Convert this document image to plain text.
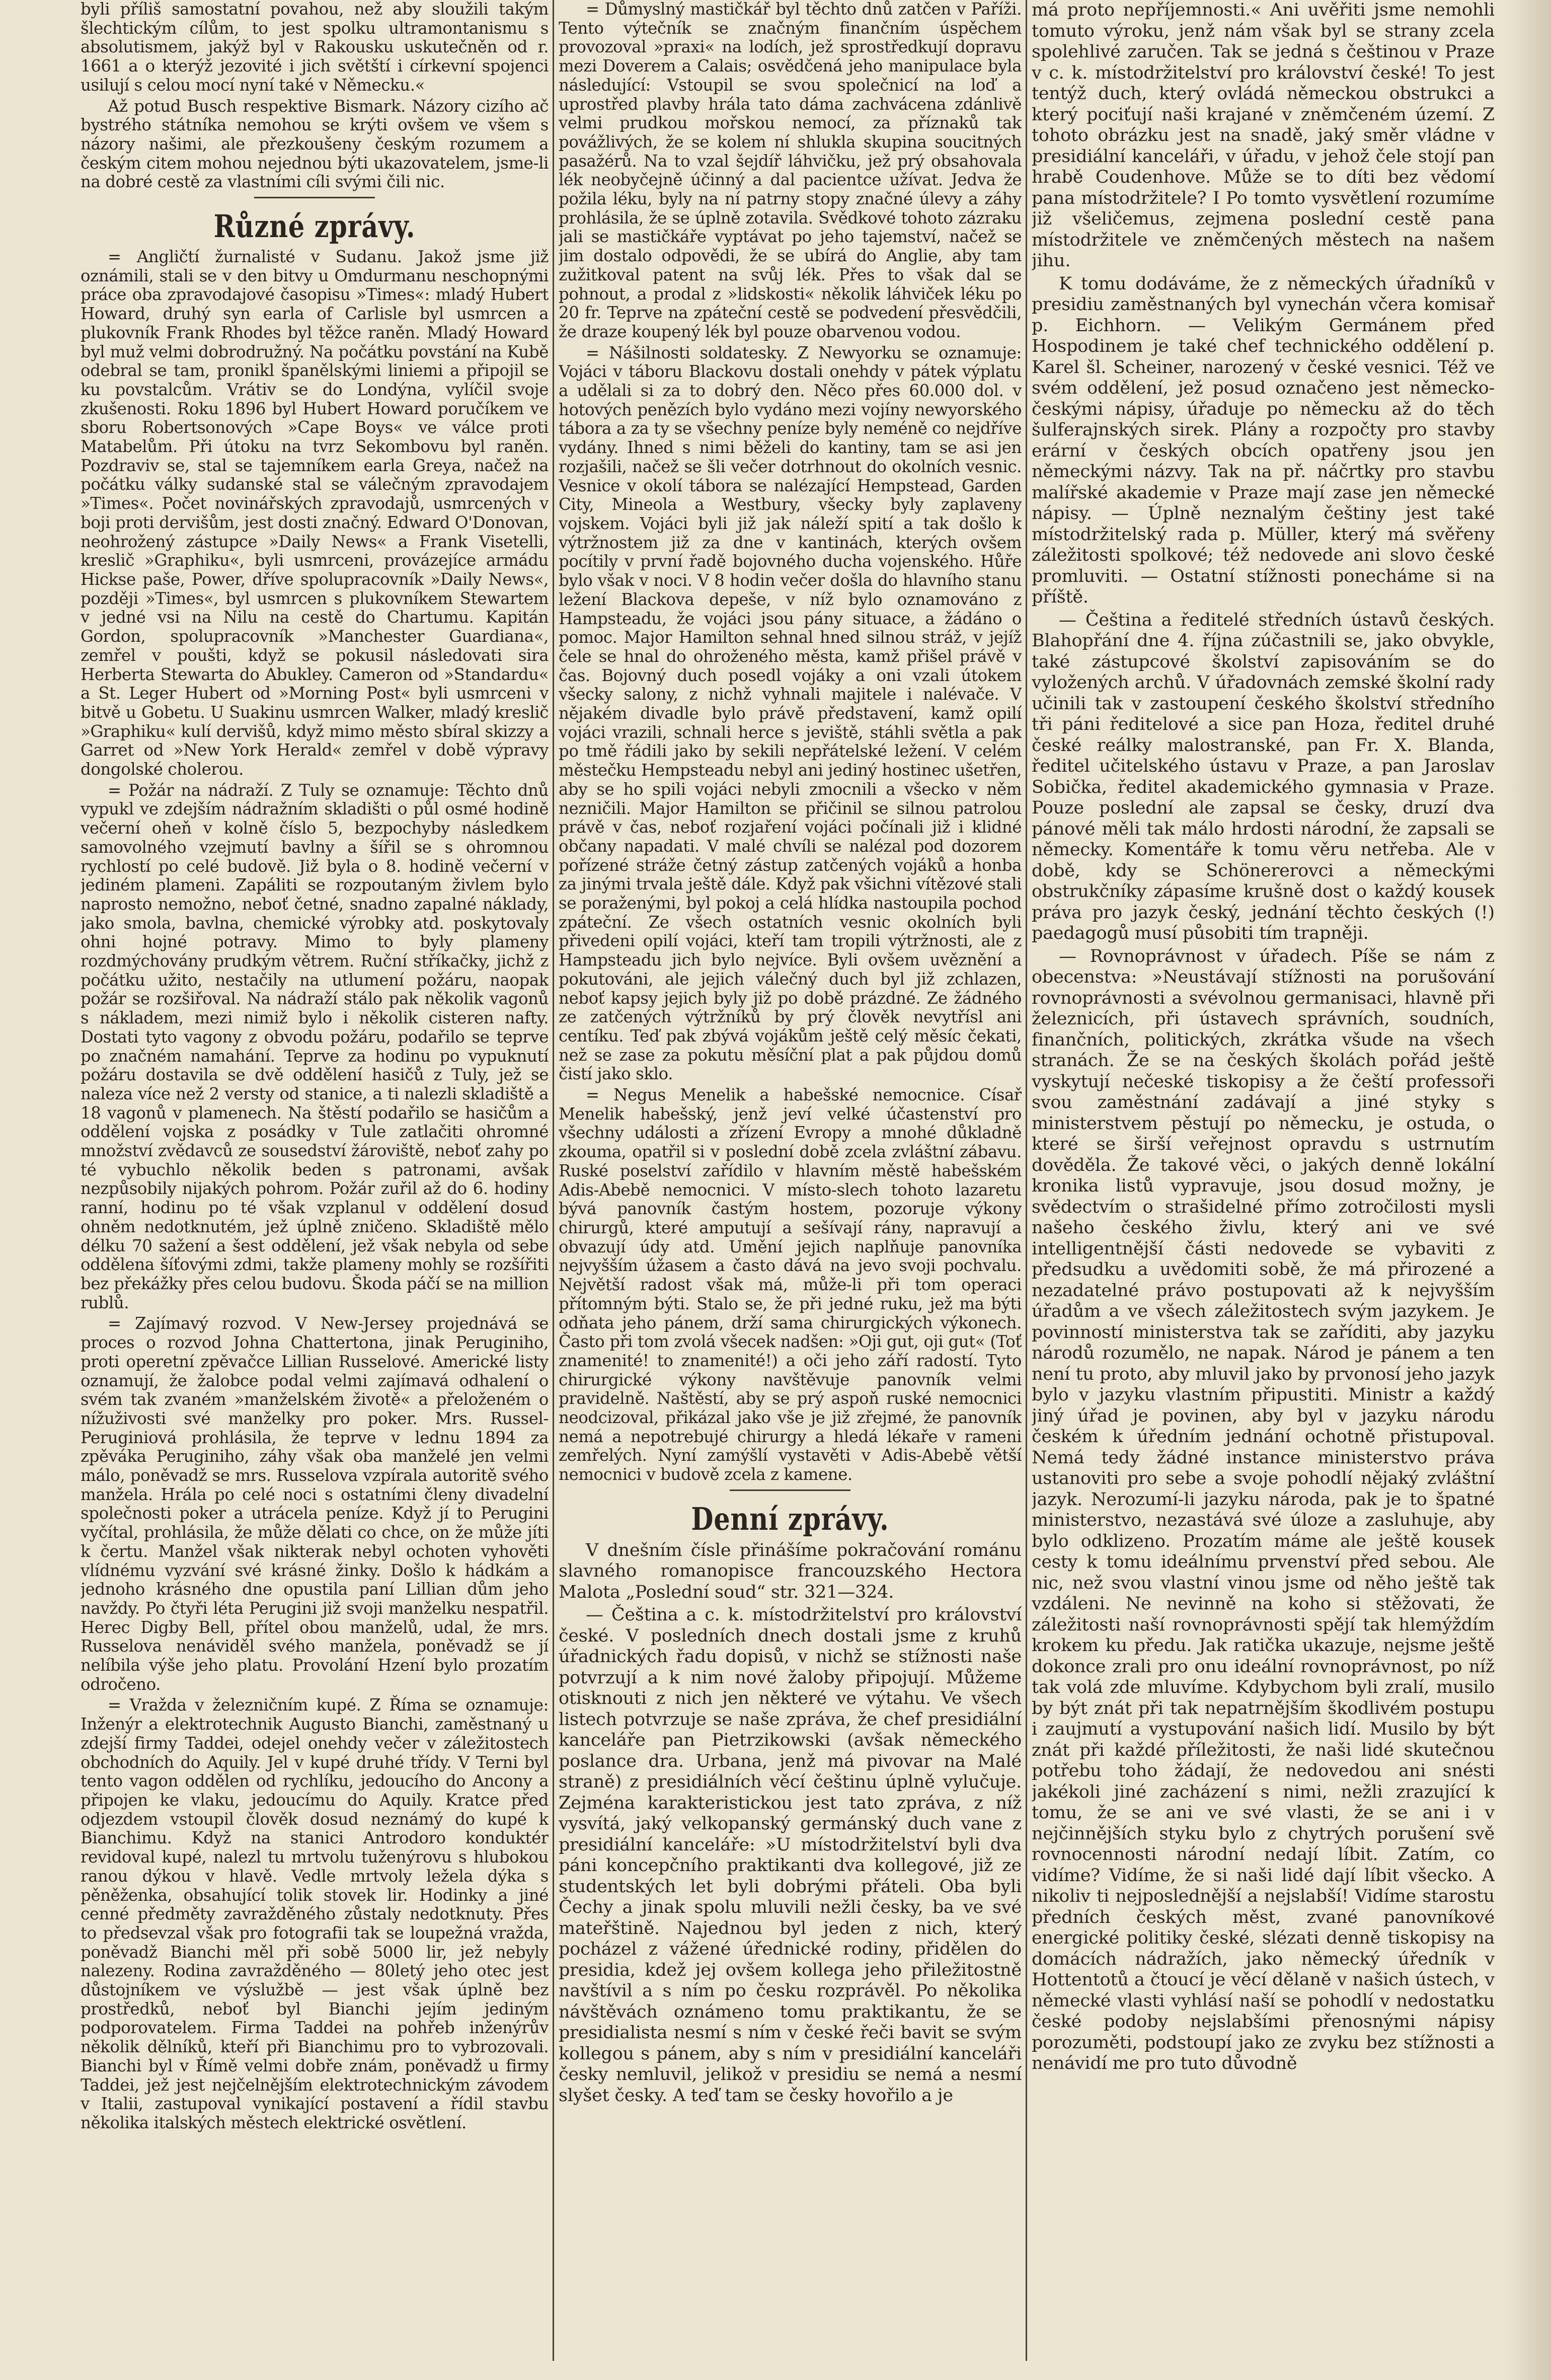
byli příliš samostatní povahou, než aby sloužili takým šlechtickým cílům, to jest spolku ultramontanismu s absolutismem, jakýž byl v Rakousku uskutečněn od r. 1661 a o kterýž jezovité i jich světští i církevní spojenci usilují s celou mocí nyní také v Německu.«

Až potud Busch respektive Bismark. Názory cizího ač bystrého státníka nemohou se krýti ovšem ve všem s názory našimi, ale přezkoušeny českým rozumem a českým citem mohou nejednou býti ukazovatelem, jsme-li na dobré cestě za vlastními cíli svými čili nic.

Různé zprávy.

= Angličtí žurnalisté v Sudanu. Jakož jsme již oznámili, stali se v den bitvy u Omdurmanu neschopnými práce oba zpravodajové časopisu »Times«: mladý Hubert Howard, druhý syn earla of Carlisle byl usmrcen a plukovník Frank Rhodes byl těžce raněn. Mladý Howard byl muž velmi dobrodružný. Na počátku povstání na Kubě odebral se tam, pronikl španělskými liniemi a připojil se ku povstalcům. Vrátiv se do Londýna, vylíčil svoje zkušenosti. Roku 1896 byl Hubert Howard poručíkem ve sboru Robertsonových »Cape Boys« ve válce proti Matabelům. Při útoku na tvrz Sekombovu byl raněn. Pozdraviv se, stal se tajemníkem earla Greya, načež na počátku války sudanské stal se válečným zpravodajem »Times«. Počet novinářských zpravodajů, usmrcených v boji proti dervišům, jest dosti značný. Edward O'Donovan, neohrožený zástupce »Daily News« a Frank Visetelli, kreslič »Graphiku«, byli usmrceni, provázejíce armádu Hickse paše, Power, dříve spolupracovník »Daily News«, později »Times«, byl usmrcen s plukovníkem Stewartem v jedné vsi na Nilu na cestě do Chartumu. Kapitán Gordon, spolupracovník »Manchester Guardiana«, zemřel v poušti, když se pokusil následovati sira Herberta Stewarta do Abukley. Cameron od »Standardu« a St. Leger Hubert od »Morning Post« byli usmrceni v bitvě u Gobetu. U Suakinu usmrcen Walker, mladý kreslič »Graphiku« kulí dervišů, když mimo město sbíral skizzy a Garret od »New York Herald« zemřel v době výpravy dongolské cholerou.

= Požár na nádraží. Z Tuly se oznamuje: Těchto dnů vypukl ve zdejším nádražním skladišti o půl osmé hodině večerní oheň v kolně číslo 5, bezpochyby následkem samovolného vzejmutí bavlny a šířil se s ohromnou rychlostí po celé budově. Již byla o 8. hodině večerní v jediném plameni. Zapáliti se rozpoutaným živlem bylo naprosto nemožno, neboť četné, snadno zapalné náklady, jako smola, bavlna, chemické výrobky atd. poskytovaly ohni hojné potravy. Mimo to byly plameny rozdmýchovány prudkým větrem. Ruční stříkačky, jichž z počátku užito, nestačily na utlumení požáru, naopak požár se rozšiřoval. Na nádraží stálo pak několik vagonů s nákladem, mezi nimiž bylo i několik cisteren nafty. Dostati tyto vagony z obvodu požáru, podařilo se teprve po značném namahání. Teprve za hodinu po vypuknutí požáru dostavila se dvě oddělení hasičů z Tuly, jež se naleza více než 2 versty od stanice, a ti nalezli skladiště a 18 vagonů v plamenech. Na štěstí podařilo se hasičům a oddělení vojska z posádky v Tule zatlačiti ohromné množství zvědavců ze sousedství žároviště, neboť zahy po té vybuchlo několik beden s patronami, avšak nezpůsobily nijakých pohrom. Požár zuřil až do 6. hodiny ranní, hodinu po té však vzplanul v oddělení dosud ohněm nedotknutém, jež úplně zničeno. Skladiště mělo délku 70 sažení a šest oddělení, jež však nebyla od sebe oddělena šíťovými zdmi, takže plameny mohly se rozšířiti bez překážky přes celou budovu. Škoda páčí se na million rublů.

= Zajímavý rozvod. V New-Jersey projednává se proces o rozvod Johna Chattertona, jinak Peruginiho, proti operetní zpěvačce Lillian Russelové. Americké listy oznamují, že žalobce podal velmi zajímavá odhalení o svém tak zvaném »manželském životě« a přeloženém o nížuživosti své manželky pro poker. Mrs. Russel-Peruginiová prohlásila, že teprve v lednu 1894 za zpěváka Peruginiho, záhy však oba manželé jen velmi málo, poněvadž se mrs. Russelova vzpírala autoritě svého manžela. Hrála po celé noci s ostatními členy divadelní společnosti poker a utrácela peníze. Když jí to Perugini vyčítal, prohlásila, že může dělati co chce, on že může jíti k čertu. Manžel však nikterak nebyl ochoten vyhověti vlídnému vyzvání své krásné žinky. Došlo k hádkám a jednoho krásného dne opustila paní Lillian dům jeho navždy. Po čtyři léta Perugini již svoji manželku nespatřil. Herec Digby Bell, přítel obou manželů, udal, že mrs. Russelova nenáviděl svého manžela, poněvadž se jí nelíbila výše jeho platu. Provolání Hzení bylo prozatím odročeno.

= Vražda v železničním kupé. Z Říma se oznamuje: Inženýr a elektrotechnik Augusto Bianchi, zaměstnaný u zdejší firmy Taddei, odejel onehdy večer v záležitostech obchodních do Aquily. Jel v kupé druhé třídy. V Terni byl tento vagon oddělen od rychlíku, jedoucího do Ancony a připojen ke vlaku, jedoucímu do Aquily. Kratce před odjezdem vstoupil člověk dosud neznámý do kupé k Bianchimu. Když na stanici Antrodoro konduktér revidoval kupé, nalezl tu mrtvolu tuženýrovu s hlubokou ranou dýkou v hlavě. Vedle mrtvoly ležela dýka s pěněženka, obsahující tolik stovek lir. Hodinky a jiné cenné předměty zavražděného zůstaly nedotknuty. Přes to předsevzal však pro fotografii tak se loupežná vražda, poněvadž Bianchi měl při sobě 5000 lir, jež nebyly nalezeny. Rodina zavražděného — 80letý jeho otec jest důstojníkem ve výslužbě — jest však úplně bez prostředků, neboť byl Bianchi jejím jediným podporovatelem. Firma Taddei na pohřeb inženýrův několik dělníků, kteří při Bianchimu pro to vybrozovali. Bianchi byl v Římě velmi dobře znám, poněvadž u firmy Taddei, jež jest nejčelnějším elektrotechnickým závodem v Italii, zastupoval vynikající postavení a řídil stavbu několika italských městech elektrické osvětlení.

= Důmyslný mastičkář byl těchto dnů zatčen v Paříži. Tento výtečník se značným finančním úspěchem provozoval »praxi« na lodích, jež sprostředkují dopravu mezi Doverem a Calais; osvědčená jeho manipulace byla následující: Vstoupil se svou společnicí na loď a uprostřed plavby hrála tato dáma zachvácena zdánlivě velmi prudkou mořskou nemocí, za příznaků tak povážlivých, že se kolem ní shlukla skupina soucitných pasažérů. Na to vzal šejdíř láhvičku, jež prý obsahovala lék neobyčejně účinný a dal pacientce užívat. Jedva že požila léku, byly na ní patrny stopy značné úlevy a záhy prohlásila, že se úplně zotavila. Svědkové tohoto zázraku jali se mastičkáře vyptávat po jeho tajemství, načež se jim dostalo odpovědi, že se ubírá do Anglie, aby tam zužitkoval patent na svůj lék. Přes to však dal se pohnout, a prodal z »lidskosti« několik láhviček léku po 20 fr. Teprve na zpáteční cestě se podvedení přesvědčili, že draze koupený lék byl pouze obarvenou vodou.

= Nášilnosti soldatesky. Z Newyorku se oznamuje: Vojáci v táboru Blackovu dostali onehdy v pátek výplatu a udělali si za to dobrý den. Něco přes 60.000 dol. v hotových penězích bylo vydáno mezi vojíny newyorského tábora a za ty se všechny peníze byly neméně co nejdříve vydány. Ihned s nimi běželi do kantiny, tam se asi jen rozjašili, načež se šli večer dotrhnout do okolních vesnic. Vesnice v okolí tábora se nalézající Hempstead, Garden City, Mineola a Westbury, všecky byly zaplaveny vojskem. Vojáci byli již jak náleží spití a tak došlo k výtržnostem již za dne v kantinách, kterých ovšem pocítily v první řadě bojovného ducha vojenského. Hůře bylo však v noci. V 8 hodin večer došla do hlavního stanu ležení Blackova depeše, v níž bylo oznamováno z Hampsteadu, že vojáci jsou pány situace, a žádáno o pomoc. Major Hamilton sehnal hned silnou stráž, v jejíž čele se hnal do ohroženého města, kamž přišel právě v čas. Bojovný duch posedl vojáky a oni vzali útokem všecky salony, z nichž vyhnali majitele i nalévače. V nějakém divadle bylo právě představení, kamž opilí vojáci vrazili, schnali herce s jeviště, stáhli světla a pak po tmě řádili jako by sekili nepřátelské ležení. V celém městečku Hempsteadu nebyl ani jediný hostinec ušetřen, aby se ho spili vojáci nebyli zmocnili a všecko v něm nezničili. Major Hamilton se přičinil se silnou patrolou právě v čas, neboť rozjaření vojáci počínali již i klidné občany napadati. V malé chvíli se nalézal pod dozorem pořízené stráže četný zástup zatčených vojáků a honba za jinými trvala ještě dále. Když pak všichni vítězové stali se poraženými, byl pokoj a celá hlídka nastoupila pochod zpáteční. Ze všech ostatních vesnic okolních byli přivedeni opilí vojáci, kteří tam tropili výtržnosti, ale z Hampsteadu jich bylo nejvíce. Byli ovšem uvěznění a pokutováni, ale jejich válečný duch byl již zchlazen, neboť kapsy jejich byly již po době prázdné. Ze žádného ze zatčených výtržníků by prý člověk nevytřísl ani centíku. Teď pak zbývá vojákům ještě celý měsíc čekati, než se zase za pokutu měsíční plat a pak půjdou domů čistí jako sklo.

= Negus Menelik a habešské nemocnice. Císař Menelik habešský, jenž jeví velké účastenství pro všechny události a zřízení Evropy a mnohé důkladně zkouma, opatřil si v poslední době zcela zvláštní zábavu. Ruské poselství zařídilo v hlavním městě habešském Adis-Abebě nemocnici. V místo-slech tohoto lazaretu bývá panovník častým hostem, pozoruje výkony chirurgů, které amputují a sešívají rány, napravují a obvazují údy atd. Umění jejich naplňuje panovníka nejvyšším úžasem a často dává na jevo svoji pochvalu. Největší radost však má, může-li při tom operaci přítomným býti. Stalo se, že při jedné ruku, jež ma býti odňata jeho pánem, drží sama chirurgických výkonech. Často při tom zvolá všecek nadšen: »Oji gut, oji gut« (Toť znamenité! to znamenité!) a oči jeho září radostí. Tyto chirurgické výkony navštěvuje panovník velmi pravidelně. Naštěstí, aby se prý aspoň ruské nemocnici neodcizoval, přikázal jako vše je již zřejmé, že panovník nemá a nepotrebujé chirurgy a hledá lékaře v rameni zemřelých. Nyní zamýšlí vystavěti v Adis-Abebě větší nemocnici v budově zcela z kamene.

Denní zprávy.

V dnešním čísle přinášíme pokračování románu slavného romanopisce francouzského Hectora Malota „Poslední soud“ str. 321—324.

— Čeština a c. k. místodržitelství pro království české. V posledních dnech dostali jsme z kruhů úřadnických řadu dopisů, v nichž se stížnosti naše potvrzují a k nim nové žaloby připojují. Můžeme otisknouti z nich jen některé ve výtahu. Ve všech listech potvrzuje se naše zpráva, že chef presidiální kanceláře pan Pietrzikowski (avšak německého poslance dra. Urbana, jenž má pivovar na Malé straně) z presidiálních věcí češtinu úplně vylučuje. Zejména karakteristickou jest tato zpráva, z níž vysvítá, jaký velkopanský germánský duch vane z presidiální kanceláře: »U místodržitelství byli dva páni koncepčního praktikanti dva kollegové, již ze studentských let byli dobrými přáteli. Oba byli Čechy a jinak spolu mluvili nežli česky, ba ve své mateřštině. Najednou byl jeden z nich, který pocházel z vážené úřednické rodiny, přidělen do presidia, kdež jej ovšem kollega jeho přiležitostně navštívil a s ním po česku rozprávěl. Po několika návštěvách oznámeno tomu praktikantu, že se presidialista nesmí s ním v české řeči bavit se svým kollegou s pánem, aby s ním v presidiální kanceláři česky nemluvil, jelikož v presidiu se nemá a nesmí slyšet česky. A teď tam se česky hovořilo a je

má proto nepříjemnosti.« Ani uvěřiti jsme nemohli tomuto výroku, jenž nám však byl se strany zcela spolehlivé zaručen. Tak se jedná s češtinou v Praze v c. k. místodržitelství pro království české! To jest tentýž duch, který ovládá německou obstrukci a který pociťují naši krajané v zněmčeném území. Z tohoto obrázku jest na snadě, jaký směr vládne v presidiální kanceláři, v úřadu, v jehož čele stojí pan hrabě Coudenhove. Může se to díti bez vědomí pana místodržitele? I Po tomto vysvětlení rozumíme již všeličemus, zejmena poslední cestě pana místodržitele ve zněmčených městech na našem jihu.

K tomu dodáváme, že z německých úřadníků v presidiu zaměstnaných byl vynechán včera komisař p. Eichhorn. — Velikým Germánem před Hospodinem je také chef technického oddělení p. Karel šl. Scheiner, narozený v české vesnici. Též ve svém oddělení, jež posud označeno jest německo-českými nápisy, úřaduje po německu až do těch šulferajnských sirek. Plány a rozpočty pro stavby erární v českých obcích opatřeny jsou jen německými názvy. Tak na př. náčrtky pro stavbu malířské akademie v Praze mají zase jen německé nápisy. — Úplně neznalým češtiny jest také místodržitelský rada p. Müller, který má svěřeny záležitosti spolkové; též nedovede ani slovo české promluviti. — Ostatní stížnosti ponecháme si na příště.

— Čeština a ředitelé středních ústavů českých. Blahopřání dne 4. října zúčastnili se, jako obvykle, také zástupcové školství zapisováním se do vyložených archů. V úřadovnách zemské školní rady učinili tak v zastoupení českého školství středního tři páni ředitelové a sice pan Hoza, ředitel druhé české reálky malostranské, pan Fr. X. Blanda, ředitel učitelského ústavu v Praze, a pan Jaroslav Sobička, ředitel akademického gymnasia v Praze. Pouze poslední ale zapsal se česky, druzí dva pánové měli tak málo hrdosti národní, že zapsali se německy. Komentáře k tomu věru netřeba. Ale v době, kdy se Schönererovci a německými obstrukčníky zápasíme krušně dost o každý kousek práva pro jazyk český, jednání těchto českých (!) paedagogů musí působiti tím trapněji.

— Rovnoprávnost v úřadech. Píše se nám z obecenstva: »Neustávají stížnosti na porušování rovnoprávnosti a svévolnou germanisaci, hlavně při železnicích, při ústavech správních, soudních, finančních, politických, zkrátka všude na všech stranách. Že se na českých školách pořád ještě vyskytují nečeské tiskopisy a že čeští professoři svou zaměstnání zadávají a jiné styky s ministerstvem pěstují po německu, je ostuda, o které se širší veřejnost opravdu s ustrnutím dověděla. Že takové věci, o jakých denně lokální kronika listů vypravuje, jsou dosud možny, je svědectvím o strašidelné přímo zotročilosti mysli našeho českého živlu, který ani ve své intelligentnější části nedovede se vybaviti z předsudku a uvědomiti sobě, že má přirozené a nezadatelné právo postupovati až k nejvyšším úřadům a ve všech záležitostech svým jazykem. Je povinností ministerstva tak se zaříditi, aby jazyku národů rozumělo, ne napak. Národ je pánem a ten není tu proto, aby mluvil jako by prvonosí jeho jazyk bylo v jazyku vlastním připustiti. Ministr a každý jiný úřad je povinen, aby byl v jazyku národu českém k úředním jednání ochotně přistupoval. Nemá tedy žádné instance ministerstvo práva ustanoviti pro sebe a svoje pohodlí nějaký zvláštní jazyk. Nerozumí-li jazyku národa, pak je to špatné ministerstvo, nezastává své úloze a zasluhuje, aby bylo odklizeno. Prozatím máme ale ještě kousek cesty k tomu ideálnímu prvenství před sebou. Ale nic, než svou vlastní vinou jsme od něho ještě tak vzdáleni. Ne nevinně na koho si stěžovati, že záležitosti naší rovnoprávnosti spějí tak hlemýždím krokem ku předu. Jak ratička ukazuje, nejsme ještě dokonce zrali pro onu ideální rovnoprávnost, po níž tak volá zde mluvíme. Kdybychom byli zralí, musilo by být znát při tak nepatrnějším škodlivém postupu i zaujmutí a vystupování našich lidí. Musilo by být znát při každé příležitosti, že naši lidé skutečnou potřebu toho žádají, že nedovedou ani snésti jakékoli jiné zacházení s nimi, nežli zrazující k tomu, že se ani ve své vlasti, že se ani i v nejčinnějších styku bylo z chytrých porušení svě rovnocennosti národní nedají líbit. Zatím, co vidíme? Vidíme, že si naši lidé dají líbit všecko. A nikoliv ti nejposlednější a nejslabší! Vidíme starostu předních českých měst, zvané panovníkové energické politiky české, slézati denně tiskopisy na domácích nádražích, jako německý úředník v Hottentotů a čtoucí je věcí dělaně v našich ústech, v německé vlasti vyhlásí naší se pohodlí v nedostatku české podoby nejslabšími přenosnými nápisy porozuměti, podstoupí jako ze zvyku bez stížnosti a nenávidí me pro tuto důvodně
